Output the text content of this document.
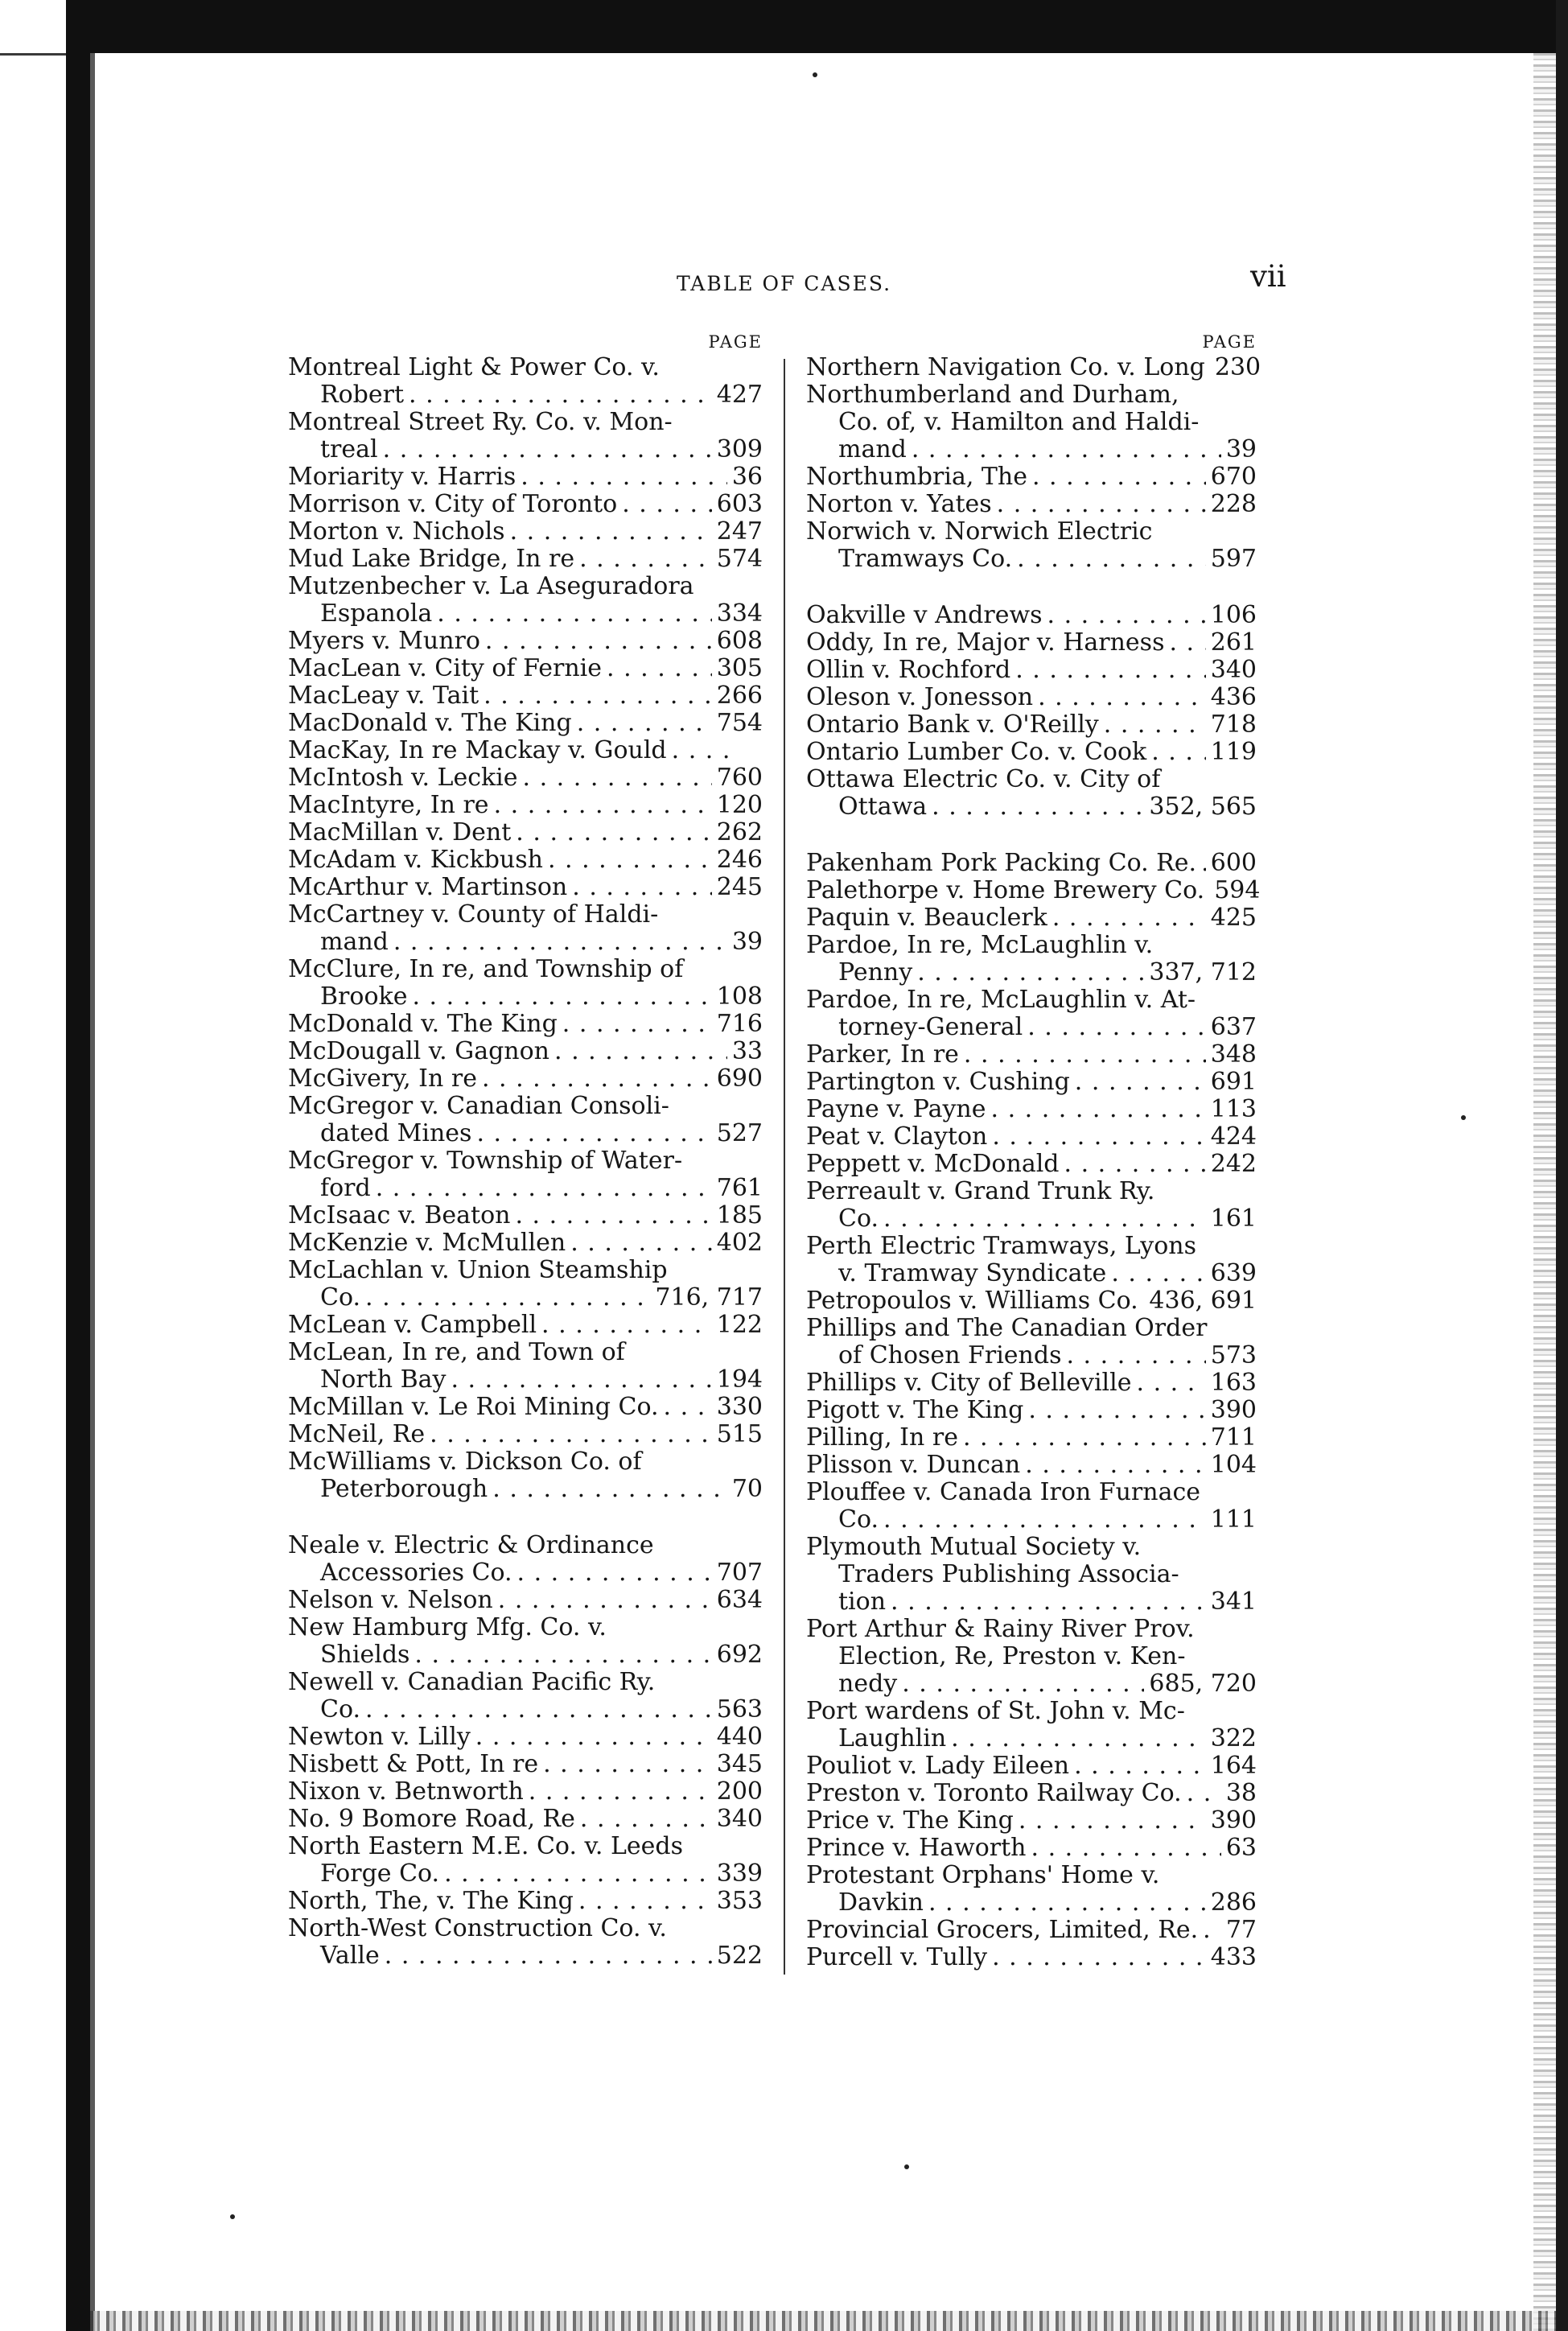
TABLE OF CASES.	vii
PAGE
Montreal Light & Power Co. v.
Robert . . .	427
Montreal Street Ry. Co. v. Mon-
treal . . .	309
Moriarity v. Harris . . .	36
Morrison v. City of Toronto . . .	603
Morton v. Nichols . . .	247
Mud Lake Bridge, In re . . .	574
Mutzenbecher v. La Aseguradora
Espanola . . .	334
Myers v. Munro . . .	608
MacLean v. City of Fernie . . .	305
MacLeay v. Tait . . .	266
MacDonald v. The King . . .	754
MacKay, In re Mackay v. Gould
. . .
McIntosh v. Leckie . . .	760
MacIntyre, In re . . .	120
MacMillan v. Dent . . .	262
McAdam v. Kickbush . . .	246
McArthur v. Martinson . . .	245
McCartney v. County of Haldi-
mand . . .	39
McClure, In re, and Township of
Brooke . . .	108
McDonald v. The King . . .	716
McDougall v. Gagnon . . .	33
McGivery, In re . . .	690
McGregor v. Canadian Consoli-
dated Mines . . .	527
McGregor v. Township of Water-
ford . . .	761
McIsaac v. Beaton . . .	185
McKenzie v. McMullen . . .	402
McLachlan v. Union Steamship
Co. . . .	716, 717
McLean v. Campbell . . .	122
McLean, In re, and Town of
North Bay . . .	194
McMillan v. Le Roi Mining Co. . . . 330
McNeil, Re . . .	515
McWilliams v. Dickson Co. of
Peterborough . . .	70
Neale v. Electric & Ordinance
Accessories Co. . . .	707
Nelson v. Nelson . . .	634
New Hamburg Mfg. Co. v.
Shields . . .	692
Newell v. Canadian Pacific Ry.
Co. . . .	563
Newton v. Lilly . . .	440
Nisbett & Pott, In re . . .	345
Nixon v. Betnworth . . .	200
No. 9 Bomore Road, Re . . .	340
North Eastern M.E. Co. v. Leeds
Forge Co. . . .	339
North, The, v. The King . . .	353
North-West Construction Co. v.
Valle . . .	522
PAGE
Northern Navigation Co. v. Long 230
Northumberland and Durham,
Co. of, v. Hamilton and Haldi-
mand . . .	39
Northumbria, The . . .	670
Norton v. Yates . . .	228
Norwich v. Norwich Electric
Tramways Co. . . .	597
Oakville v Andrews . . .	106
Oddy, In re, Major v. Harness . . . 261
Ollin v. Rochford . . .	340
Oleson v. Jonesson . . .	436
Ontario Bank v. O'Reilly . . .	718
Ontario Lumber Co. v. Cook . . .	119
Ottawa Electric Co. v. City of
Ottawa . . .	352, 565
Pakenham Pork Packing Co. Re. . . . 600
Palethorpe v. Home Brewery Co. 594
Paquin v. Beauclerk . . .	425
Pardoe, In re, McLaughlin v.
Penny . . .	337, 712
Pardoe, In re, McLaughlin v. At-
torney-General . . .	637
Parker, In re . . .	348
Partington v. Cushing . . .	691
Payne v. Payne . . .	113
Peat v. Clayton . . .	424
Peppett v. McDonald . . .	242
Perreault v. Grand Trunk Ry.
Co. . . .	161
Perth Electric Tramways, Lyons
v. Tramway Syndicate . . .	639
Petropoulos v. Williams Co. . . . 436, 691
Phillips and The Canadian Order
of Chosen Friends . . .	573
Phillips v. City of Belleville . . .	163
Pigott v. The King . . .	390
Pilling, In re . . .	711
Plisson v. Duncan . . .	104
Plouffee v. Canada Iron Furnace
Co. . . .	111
Plymouth Mutual Society v.
Traders Publishing Associa-
tion . . .	341
Port Arthur & Rainy River Prov.
Election, Re, Preston v. Ken-
nedy . . .	685, 720
Port wardens of St. John v. Mc-
Laughlin . . .	322
Pouliot v. Lady Eileen . . .	164
Preston v. Toronto Railway Co. . . . 38
Price v. The King . . .	390
Prince v. Haworth . . .	63
Protestant Orphans' Home v.
Davkin . . .	286
Provincial Grocers, Limited, Re. . . . 77
Purcell v. Tully . . .	433
